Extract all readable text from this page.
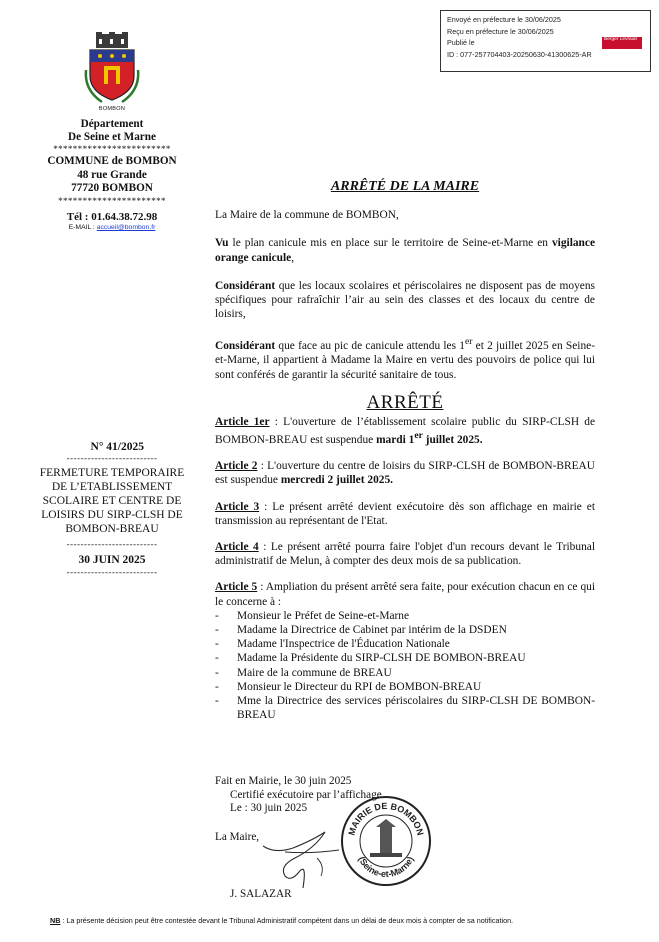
Envoyé en préfecture le 30/06/2025
Reçu en préfecture le 30/06/2025
Publié le
ID : 077-257704403-20250630-41300625-AR
Berger Levrault
BOMBON
Département
De Seine et Marne
************************
COMMUNE de BOMBON
48 rue Grande
77720 BOMBON
**********************
Tél : 01.64.38.72.98
E-MAIL : accueil@bombon.fr
N° 41/2025
--------------------------
FERMETURE TEMPORAIRE
DE L’ETABLISSEMENT
SCOLAIRE ET CENTRE DE
LOISIRS DU SIRP-CLSH DE
BOMBON-BREAU
--------------------------
30 JUIN 2025
--------------------------
ARRÊTÉ DE LA MAIRE
La Maire de la commune de BOMBON,
Vu le plan canicule mis en place sur le territoire de Seine-et-Marne en vigilance orange canicule,
Considérant que les locaux scolaires et périscolaires ne disposent pas de moyens spécifiques pour rafraîchir l’air au sein des classes et des locaux du centre de loisirs,
Considérant que face au pic de canicule attendu les 1er et 2 juillet 2025 en Seine-et-Marne, il appartient à Madame la Maire en vertu des pouvoirs de police qui lui sont conférés de garantir la sécurité sanitaire de tous.
ARRÊTÉ
Article 1er : L'ouverture de l’établissement scolaire public du SIRP-CLSH de BOMBON-BREAU est suspendue mardi 1er juillet 2025.
Article 2 : L'ouverture du centre de loisirs du SIRP-CLSH de BOMBON-BREAU est suspendue mercredi 2 juillet 2025.
Article 3 : Le présent arrêté devient exécutoire dès son affichage en mairie et transmission au représentant de l'Etat.
Article 4 : Le présent arrêté pourra faire l'objet d'un recours devant le Tribunal administratif de Melun, à compter des deux mois de sa publication.
Article 5 : Ampliation du présent arrêté sera faite, pour exécution chacun en ce qui le concerne à :
- Monsieur le Préfet de Seine-et-Marne
- Madame la Directrice de Cabinet par intérim de la DSDEN
- Madame l'Inspectrice de l'Éducation Nationale
- Madame la Présidente du SIRP-CLSH DE BOMBON-BREAU
- Maire de la commune de BREAU
- Monsieur le Directeur du RPI de BOMBON-BREAU
- Mme la Directrice des services périscolaires du SIRP-CLSH DE BOMBON-BREAU
Fait en Mairie, le 30 juin 2025
Certifié exécutoire par l’affichage
Le : 30 juin 2025
La Maire,
J. SALAZAR
MAIRIE DE BOMBON
(Seine-et-Marne)
NB : La présente décision peut être contestée devant le Tribunal Administratif compétent dans un délai de deux mois à compter de sa notification.
